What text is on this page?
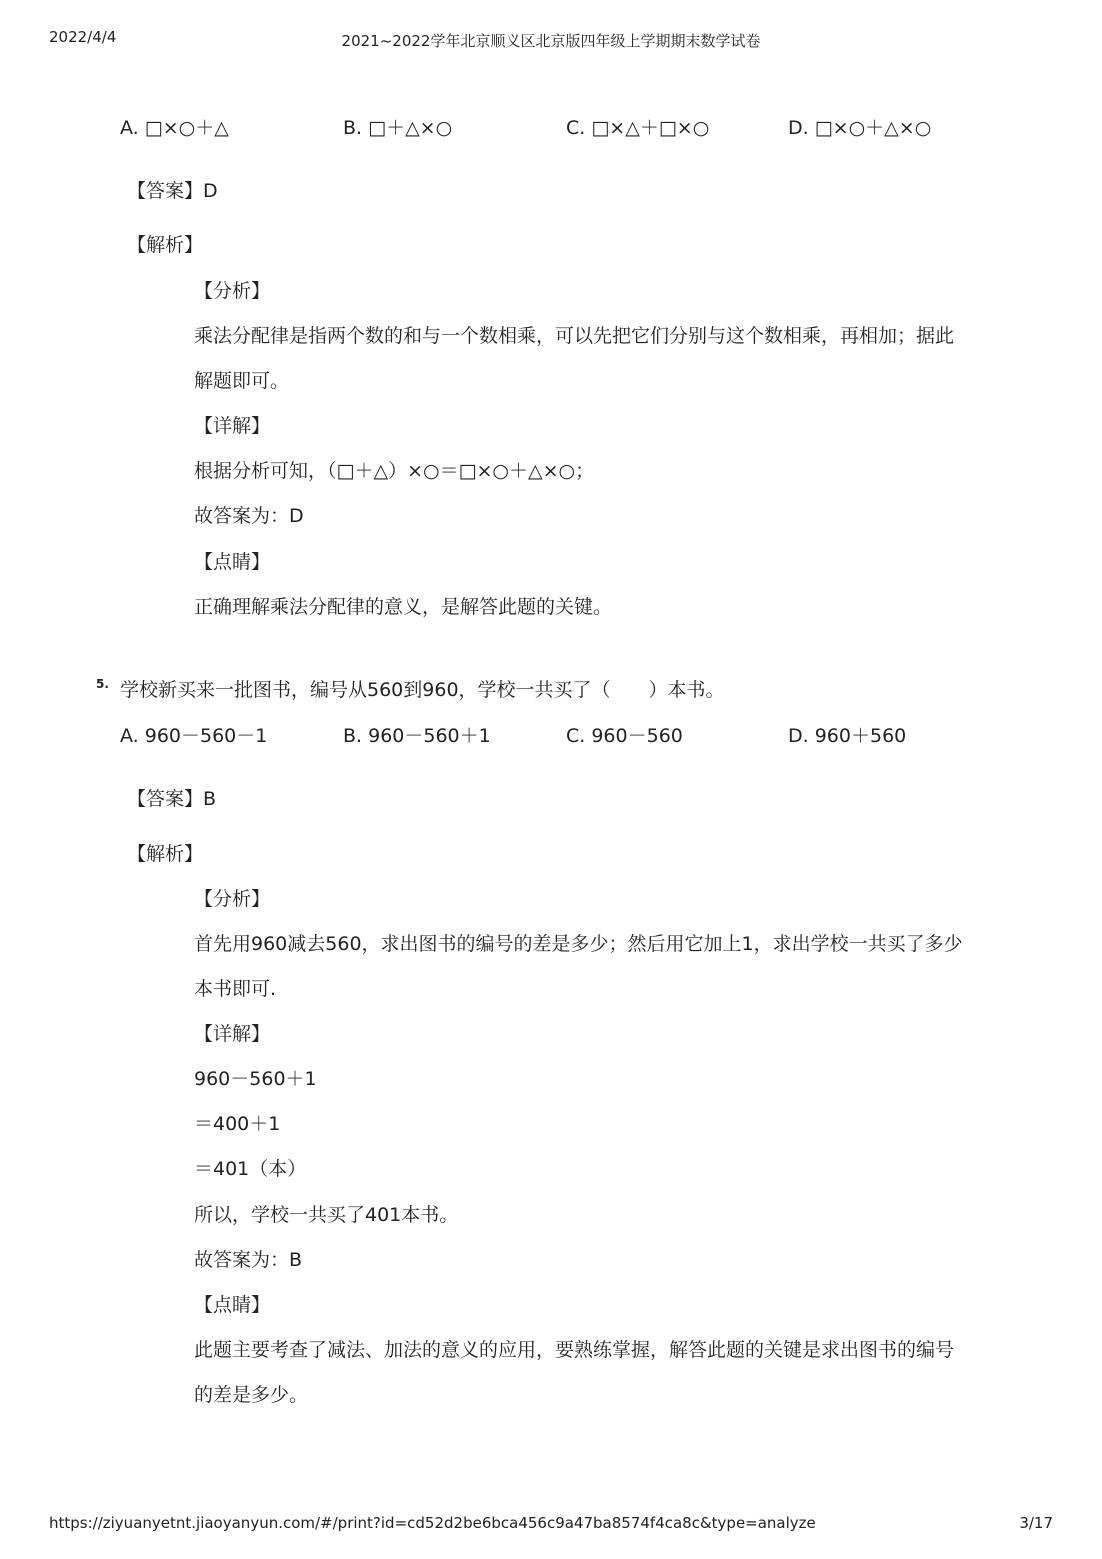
2022/4/4	2021~2022学年北京顺义区北京版四年级上学期期末数学试卷
A. □×○＋△	B. □＋△×○	C. □×△＋□×○	D. □×○＋△×○
【答案】D
【解析】
【分析】
乘法分配律是指两个数的和与一个数相乘，可以先把它们分别与这个数相乘，再相加；据此
解题即可。
【详解】
根据分析可知，（□＋△）×○＝□×○＋△×○；
故答案为：D
【点睛】
正确理解乘法分配律的意义，是解答此题的关键。
5. 学校新买来一批图书，编号从560到960，学校一共买了（　　）本书。
A. 960－560－1	B. 960－560＋1	C. 960－560	D. 960＋560
【答案】B
【解析】
【分析】
首先用960减去560，求出图书的编号的差是多少；然后用它加上1，求出学校一共买了多少
本书即可.
【详解】
960－560＋1
＝400＋1
＝401（本）
所以，学校一共买了401本书。
故答案为：B
【点睛】
此题主要考查了减法、加法的意义的应用，要熟练掌握，解答此题的关键是求出图书的编号
的差是多少。
https://ziyuanyetnt.jiaoyanyun.com/#/print?id=cd52d2be6bca456c9a47ba8574f4ca8c&type=analyze	3/17
